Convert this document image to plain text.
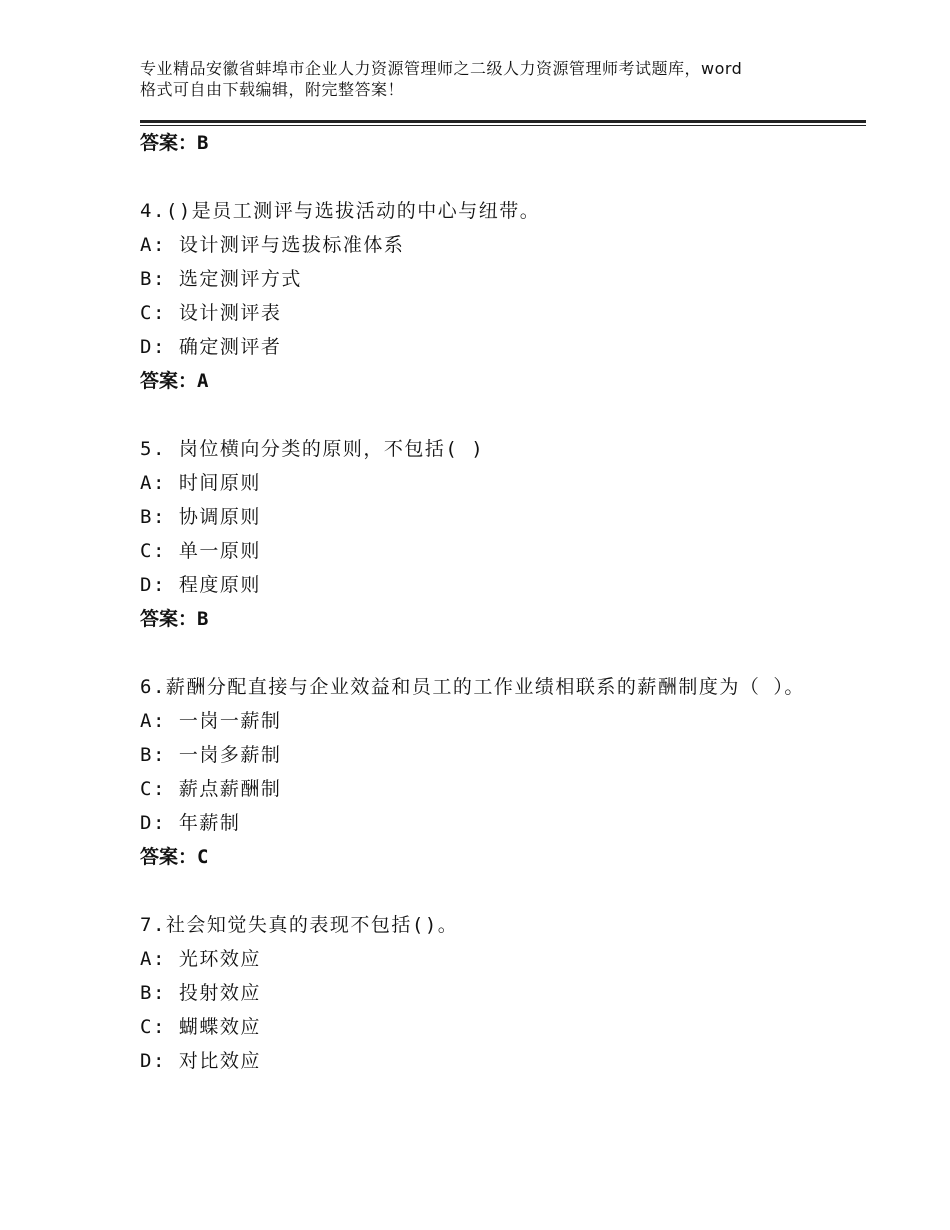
专业精品安徽省蚌埠市企业人力资源管理师之二级人力资源管理师考试题库，word
格式可自由下载编辑，附完整答案！
答案：B
4.()是员工测评与选拔活动的中心与纽带。
A: 设计测评与选拔标准体系
B: 选定测评方式
C: 设计测评表
D: 确定测评者
答案：A
5. 岗位横向分类的原则，不包括( )
A: 时间原则
B: 协调原则
C: 单一原则
D: 程度原则
答案：B
6.薪酬分配直接与企业效益和员工的工作业绩相联系的薪酬制度为（ ）。
A: 一岗一薪制
B: 一岗多薪制
C: 薪点薪酬制
D: 年薪制
答案：C
7.社会知觉失真的表现不包括()。
A: 光环效应
B: 投射效应
C: 蝴蝶效应
D: 对比效应
